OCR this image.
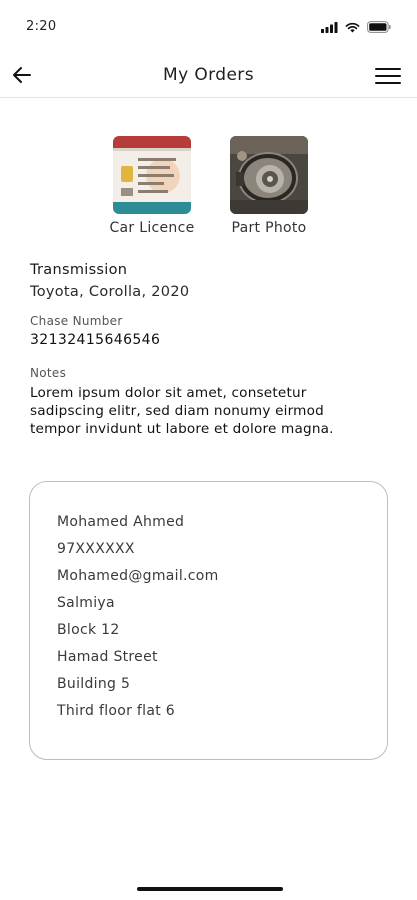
2:20
My Orders
Car Licence	Part Photo
Transmission
Toyota, Corolla, 2020
Chase Number
32132415646546
Notes
Lorem ipsum dolor sit amet, consetetur
sadipscing elitr, sed diam nonumy eirmod
tempor invidunt ut labore et dolore magna.
Mohamed Ahmed
97XXXXXX
Mohamed@gmail.com
Salmiya
Block 12
Hamad Street
Building 5
Third floor flat 6
